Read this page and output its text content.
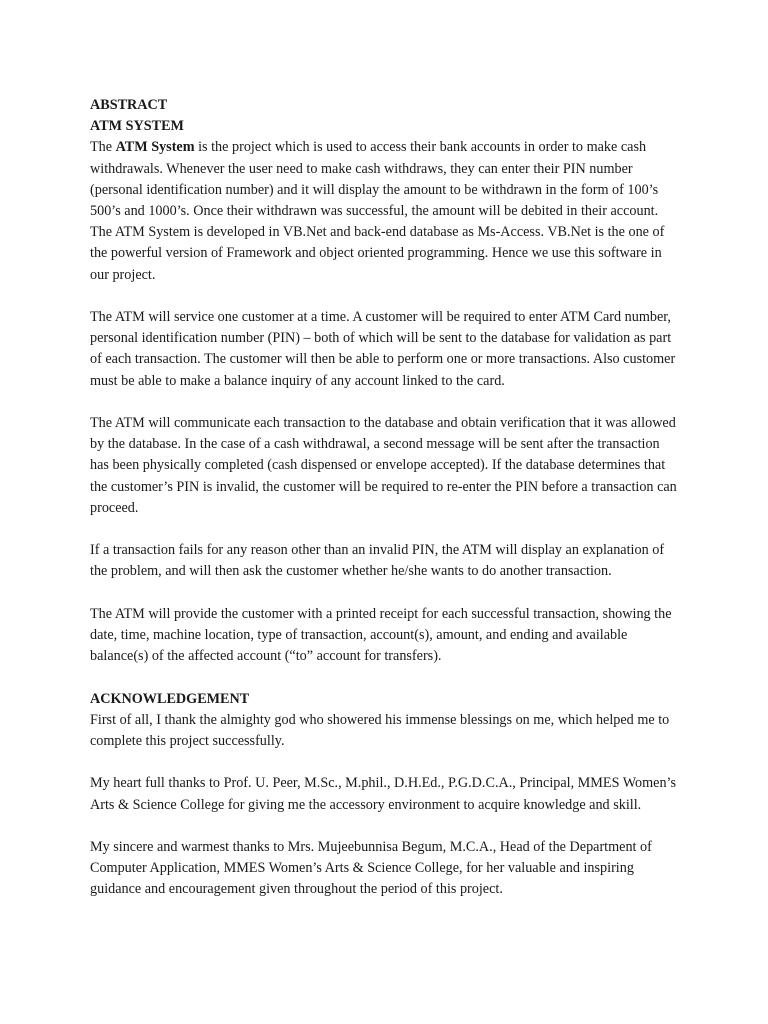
ABSTRACT

ATM SYSTEM

The ATM System is the project which is used to access their bank accounts in order to make cash withdrawals. Whenever the user need to make cash withdraws, they can enter their PIN number (personal identification number) and it will display the amount to be withdrawn in the form of 100’s 500’s and 1000’s. Once their withdrawn was successful, the amount will be debited in their account.

The ATM System is developed in VB.Net and back-end database as Ms-Access. VB.Net is the one of the powerful version of Framework and object oriented programming. Hence we use this software in our project.

The ATM will service one customer at a time. A customer will be required to enter ATM Card number, personal identification number (PIN) – both of which will be sent to the database for validation as part of each transaction. The customer will then be able to perform one or more transactions. Also customer must be able to make a balance inquiry of any account linked to the card.

The ATM will communicate each transaction to the database and obtain verification that it was allowed by the database. In the case of a cash withdrawal, a second message will be sent after the transaction has been physically completed (cash dispensed or envelope accepted). If the database determines that the customer’s PIN is invalid, the customer will be required to re-enter the PIN before a transaction can proceed.

If a transaction fails for any reason other than an invalid PIN, the ATM will display an explanation of the problem, and will then ask the customer whether he/she wants to do another transaction.

The ATM will provide the customer with a printed receipt for each successful transaction, showing the date, time, machine location, type of transaction, account(s), amount, and ending and available balance(s) of the affected account (“to” account for transfers).

ACKNOWLEDGEMENT

First of all, I thank the almighty god who showered his immense blessings on me, which helped me to complete this project successfully.

My heart full thanks to Prof. U. Peer, M.Sc., M.phil., D.H.Ed., P.G.D.C.A., Principal, MMES Women’s Arts & Science College for giving me the accessory environment to acquire knowledge and skill.

My sincere and warmest thanks to Mrs. Mujeebunnisa Begum, M.C.A., Head of the Department of Computer Application, MMES Women’s Arts & Science College, for her valuable and inspiring guidance and encouragement given throughout the period of this project.
